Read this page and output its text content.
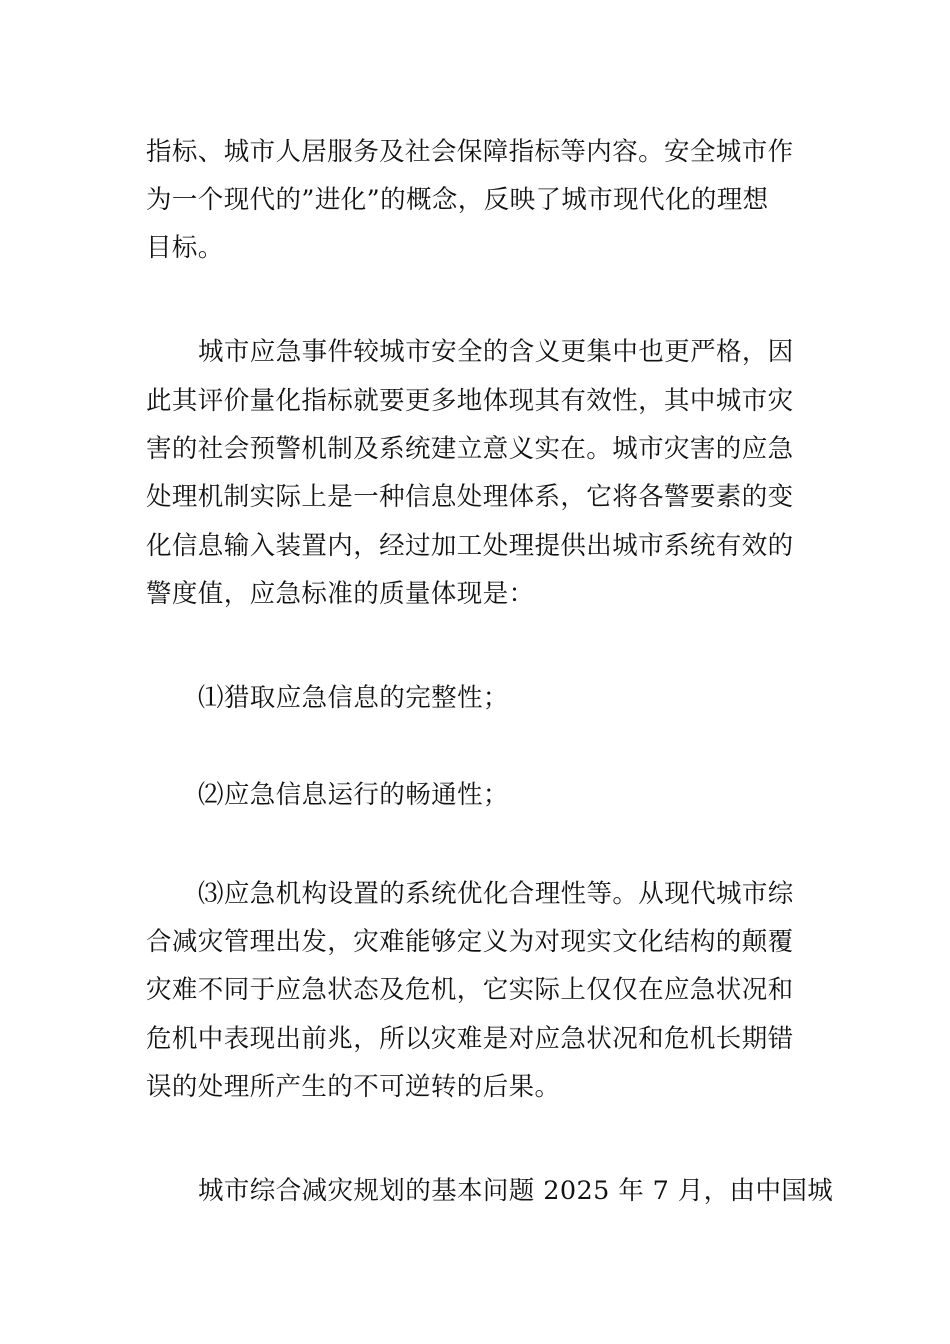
指标、城市人居服务及社会保障指标等内容。安全城市作
为一个现代的”进化”的概念，反映了城市现代化的理想
目标。
城市应急事件较城市安全的含义更集中也更严格，因
此其评价量化指标就要更多地体现其有效性，其中城市灾
害的社会预警机制及系统建立意义实在。城市灾害的应急
处理机制实际上是一种信息处理体系，它将各警要素的变
化信息输入装置内，经过加工处理提供出城市系统有效的
警度值，应急标准的质量体现是：
⑴猎取应急信息的完整性；
⑵应急信息运行的畅通性；
⑶应急机构设置的系统优化合理性等。从现代城市综
合减灾管理出发，灾难能够定义为对现实文化结构的颠覆
灾难不同于应急状态及危机，它实际上仅仅在应急状况和
危机中表现出前兆，所以灾难是对应急状况和危机长期错
误的处理所产生的不可逆转的后果。
城市综合减灾规划的基本问题 2025 年 7 月，由中国城
